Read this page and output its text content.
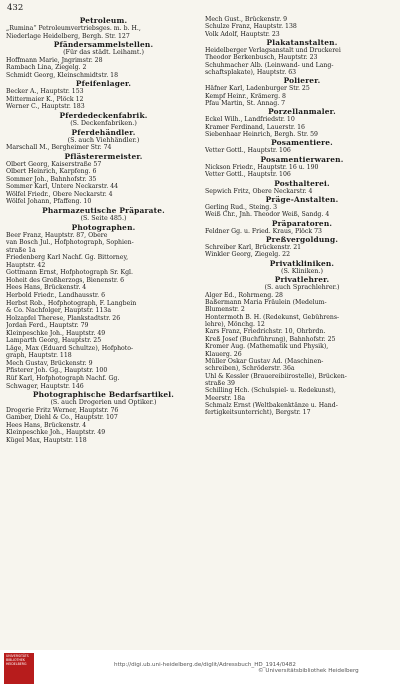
432
Petroleum.
„Rumina“ Petroleumvertriebsges. m. b. H.,
Niederlage Heidelberg, Bergh. Str. 127
Pfändersammelstellen.
(Für das städt. Leihamt.)
Hoffmann Marie, Jngrimstr. 28
Rambach Lina, Ziegelg. 2
Schmidt Georg, Kleinschmidtstr. 18
Pfeifenlager.
Becker A., Hauptstr. 153
Mittermaier K., Plöck 12
Werner C., Hauptstr. 183
Pferdedeckenfabrik.
(S. Deckenfabriken.)
Pferdehändler.
(S. auch Viehhändler.)
Marschall M., Bergheimer Str. 74
Pflästerermeister.
Olbert Georg, Kaiserstraße 57
Olbert Heinrich, Karpfeng. 6
Sommer Joh., Bahnhofstr. 35
Sommer Karl, Untere Neckarstr. 44
Wölfel Friedr., Obere Neckarstr. 4
Wölfel Johann, Pfaffeng. 10
Pharmazeutische Präparate.
(S. Seite 485.)
Photographen.
Beer Franz, Hauptstr. 87, Obere
van Bosch Jul., Hofphotograph, Sophien-
straße 1a
Friedenberg Karl Nachf. Gg. Bittorney,
Hauptstr. 42
Gottmann Ernst, Hofphotograph Sr. Kgl.
Hoheit des Großherzogs, Bienenstr. 6
Hees Hans, Brückenstr. 4
Herbold Friedr., Landhausstr. 6
Herbst Rob., Hofphotograph, F. Langbein
& Co. Nachfolger, Hauptstr. 113a
Holzapfel Therese, Plankstadtstr. 26
Jordan Ferd., Hauptstr. 79
Kleinpeschke Joh., Hauptstr. 49
Lamparth Georg, Hauptstr. 25
Läge, Max (Eduard Schultze), Hofphoto-
graph, Hauptstr. 118
Mech Gustav, Brückenstr. 9
Pfisterer Joh. Gg., Hauptstr. 100
Rüf Karl, Hofphotograph Nachf. Gg.
Schwager, Hauptstr. 146
Photographische Bedarfsartikel.
(S. auch Drogerien und Optiker.)
Drogerie Fritz Werner, Hauptstr. 76
Gamber, Diehl & Co., Hauptstr. 107
Hees Hans, Brückenstr. 4
Kleinpeschke Joh., Hauptstr. 49
Kügel Max, Hauptstr. 118
Mech Gust., Brückenstr. 9
Schulze Franz, Hauptstr. 138
Volk Adolf, Hauptstr. 23
Plakatanstalten.
Heidelberger Verlagsanstalt und Druckerei
Theodor Berkenbusch, Hauptstr. 23
Schuhmacher Alb. (Leinwand- und Lang-
schaftsplakate), Hauptstr. 63
Polierer.
Häfner Karl, Ladenburger Str. 25
Kempf Heinr., Krämerg. 8
Pfau Martin, St. Annag. 7
Porzellanmaler.
Eckel Wilh., Landfriedstr. 10
Kramer Ferdinand, Lauerstr. 16
Siebenhaar Heinrich, Bergh. Str. 59
Posamentiere.
Vetter Gottl., Hauptstr. 106
Posamentierwaren.
Nickson Friedr., Hauptstr. 16 u. 190
Vetter Gottl., Hauptstr. 106
Posthalterei.
Sepwich Fritz, Obere Neckarstr. 4
Präge-Anstalten.
Gerling Rud., Steing. 3
Weiß Chr., Jnh. Theodor Weiß, Sandg. 4
Präparatoren.
Feldner Gg. u. Fried. Kraus, Plöck 73
Preßvergoldung.
Schreiber Karl, Brückenstr. 21
Winkler Georg, Ziegelg. 22
Privatkliniken.
(S. Kliniken.)
Privatlehrer.
(S. auch Sprachlehrer.)
Alger Ed., Rohrmeng. 28
Baßermann Maria Fräulein (Medelum-
Blumenstr. 2
Hontermoth B. H. (Redekunst, Gebührens-
lehre), Mönchg. 12
Kars Franz, Friedrichstr. 10, Ohrbrdn.
Kreß Josef (Buchführung), Bahnhofstr. 25
Kromer Aug. (Mathematik und Physik),
Klauerg. 26
Müller Oskar Gustav Ad. (Maschinen-
schreiben), Schröderstr. 36a
Uhl & Kessler (Brauereibiirostelle), Brücken-
straße 39
Schilling Hch. (Schulspiel- u. Redekunst),
Meerstr. 18a
Schmalz Ernst (Weltbakenktänze u. Hand-
fertigkeitsunterricht), Bergstr. 17
UNIVERSITÄTS
BIBLIOTHEK
HEIDELBERG	http://digi.ub.uni-heidelberg.de/diglit/Adressbuch_HD_1914/0482
© Universitätsbibliothek Heidelberg
